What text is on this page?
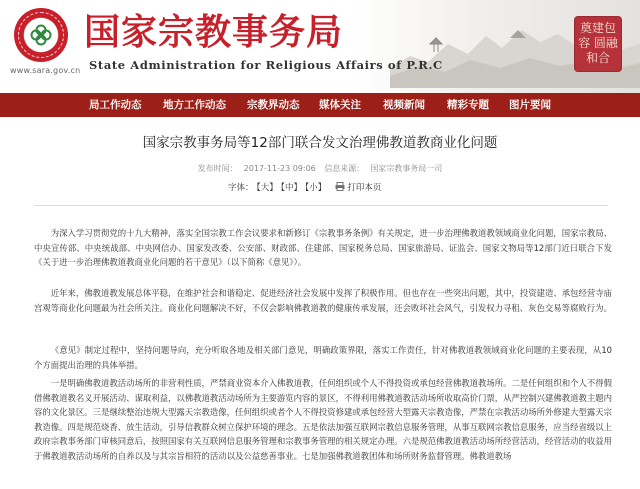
www.sara.gov.cn
国家宗教事务局
State Administration for Religious Affairs of P.R.C
奠建包容 圆融和合
局工作动态 地方工作动态 宗教界动态 媒体关注 视频新闻 精彩专题 图片要闻
国家宗教事务局等12部门联合发文治理佛教道教商业化问题
发布时间： 2017-11-23 09:06 信息来源： 国家宗教事务局一司
字体： 【大】 【中】 【小】 打印本页

为深入学习贯彻党的十九大精神，落实全国宗教工作会议要求和新修订《宗教事务条例》有关规定，进一步治理佛教道教领域商业化问题，国家宗教局、中央宣传部、中央统战部、中央网信办、国家发改委、公安部、财政部、住建部、国家税务总局、国家旅游局、证监会、国家文物局等12部门近日联合下发《关于进一步治理佛教道教商业化问题的若干意见》（以下简称《意见》）。

近年来，佛教道教发展总体平稳，在维护社会和谐稳定、促进经济社会发展中发挥了积极作用。但也存在一些突出问题，其中，投资建造、承包经营寺庙宫观等商业化问题最为社会所关注。商业化问题解决不好，不仅会影响佛教道教的健康传承发展，还会败坏社会风气，引发权力寻租、灰色交易等腐败行为。

《意见》制定过程中，坚持问题导向，充分听取各地及相关部门意见，明确政策界限，落实工作责任，针对佛教道教领域商业化问题的主要表现，从10个方面提出治理的具体举措。

一是明确佛教道教活动场所的非营利性质，严禁商业资本介入佛教道教，任何组织或个人不得投资或承包经营佛教道教场所。二是任何组织和个人不得假借佛教道教名义开展活动、谋取利益，以佛教道教活动场所为主要游览内容的景区，不得利用佛教道教活动场所收取高价门票，从严控制兴建佛教道教主题内容的文化景区。三是继续整治违规大型露天宗教造像，任何组织或者个人不得投资修建或承包经营大型露天宗教造像，严禁在宗教活动场所外修建大型露天宗教造像。四是规范烧香、放生活动，引导信教群众树立保护环境的理念。五是依法加强互联网宗教信息服务管理，从事互联网宗教信息服务，应当经省级以上政府宗教事务部门审核同意后，按照国家有关互联网信息服务管理和宗教事务管理的相关规定办理。六是规范佛教道教活动场所经营活动，经营活动的收益用于佛教道教活动场所的自养以及与其宗旨相符的活动以及公益慈善事业。七是加强佛教道教团体和场所财务监督管理。佛教道教场
